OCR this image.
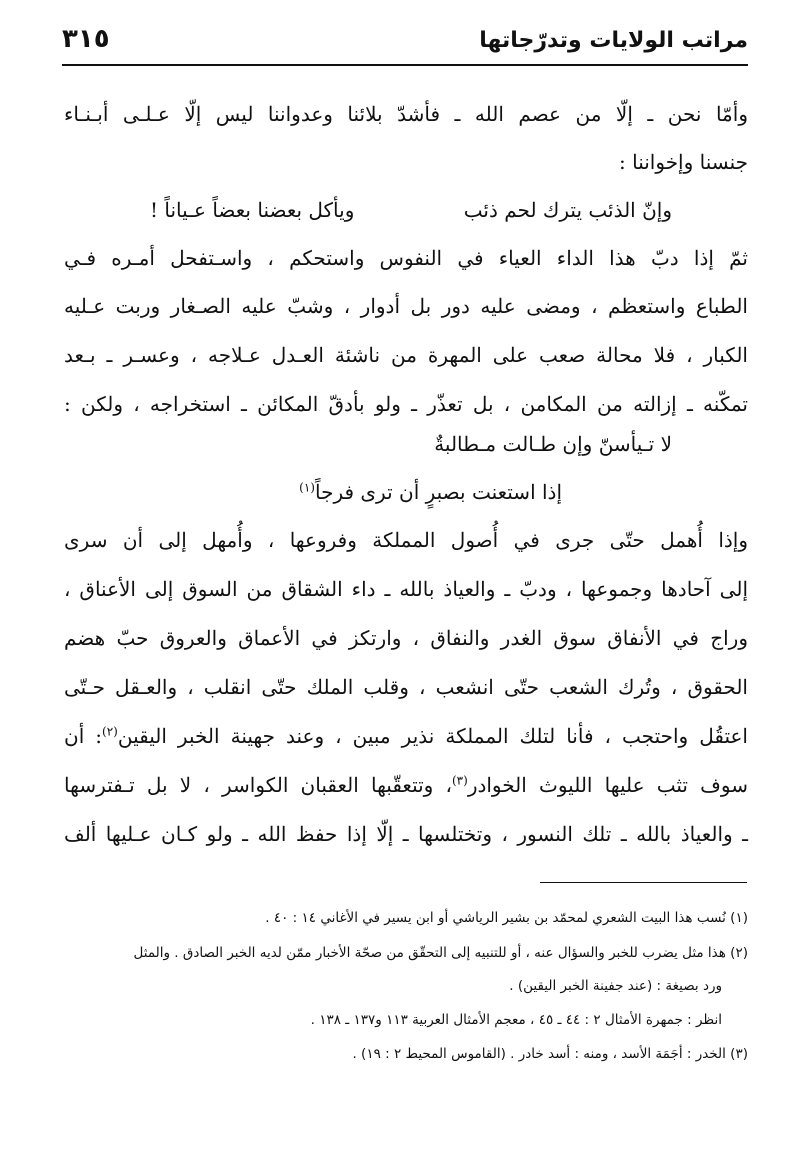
مراتب الولايات وتدرّجاتها
٣١٥
وأمّا نحن ـ إلّا من عصم الله ـ فأشدّ بلائنا وعدواننا ليس إلّا عـلـى أبـنـاء
جنسنا وإخواننا :
وإنّ الذئب يترك لحم ذئب
ويأكل بعضنا بعضاً عـياناً !
ثمّ إذا دبّ هذا الداء العياء في النفوس واستحكم ، واسـتفحل أمـره فـي
الطباع واستعظم ، ومضى عليه دور بل أدوار ، وشبّ عليه الصـغار وربت عـليه
الكبار ، فلا محالة صعب على المهرة من ناشئة العـدل عـلاجه ، وعسـر ـ بـعد
تمكّنه ـ إزالته من المكامن ، بل تعذّر ـ ولو بأدقّ المكائن ـ استخراجه ، ولكن :
لا تـيأسنّ وإن طـالت مـطالبةٌ
إذا استعنت بصبرٍ أن ترى فرجاً$^{(١)}$
وإذا أُهمل حتّى جرى في أُصول المملكة وفروعها ، وأُمهل إلى أن سرى
إلى آحادها وجموعها ، ودبّ ـ والعياذ بالله ـ داء الشقاق من السوق إلى الأعناق ،
وراج في الأنفاق سوق الغدر والنفاق ، وارتكز في الأعماق والعروق حبّ هضم
الحقوق ، وتُرك الشعب حتّى انشعب ، وقلب الملك حتّى انقلب ، والعـقل حـتّى
اعتقُل واحتجب ، فأنا لتلك المملكة نذير مبين ، وعند جهينة الخبر اليقين$^{(٢)}$: أن
سوف تثب عليها الليوث الخوادر$^{(٣)}$، وتتعقّبها العقبان الكواسر ، لا بل تـفترسها
ـ والعياذ بالله ـ تلك النسور ، وتختلسها ـ إلّا إذا حفظ الله ـ ولو كـان عـليها ألف
(١) نُسب هذا البيت الشعري لمحمّد بن بشير الرياشي أو ابن يسير في الأغاني ١٤ : ٤٠ .
(٢) هذا مثل يضرب للخبر والسؤال عنه ، أو للتنبيه إلى التحقّق من صحّة الأخبار ممّن لديه الخبر الصادق . والمثل
ورد بصيغة : (عند جفينة الخبر اليقين) .
انظر : جمهرة الأمثال ٢ : ٤٤ ـ ٤٥ ، معجم الأمثال العربية ١١٣ و١٣٧ ـ ١٣٨ .
(٣) الخدر : أجَمَة الأسد ، ومنه : أسد خادر . (القاموس المحيط ٢ : ١٩) .
